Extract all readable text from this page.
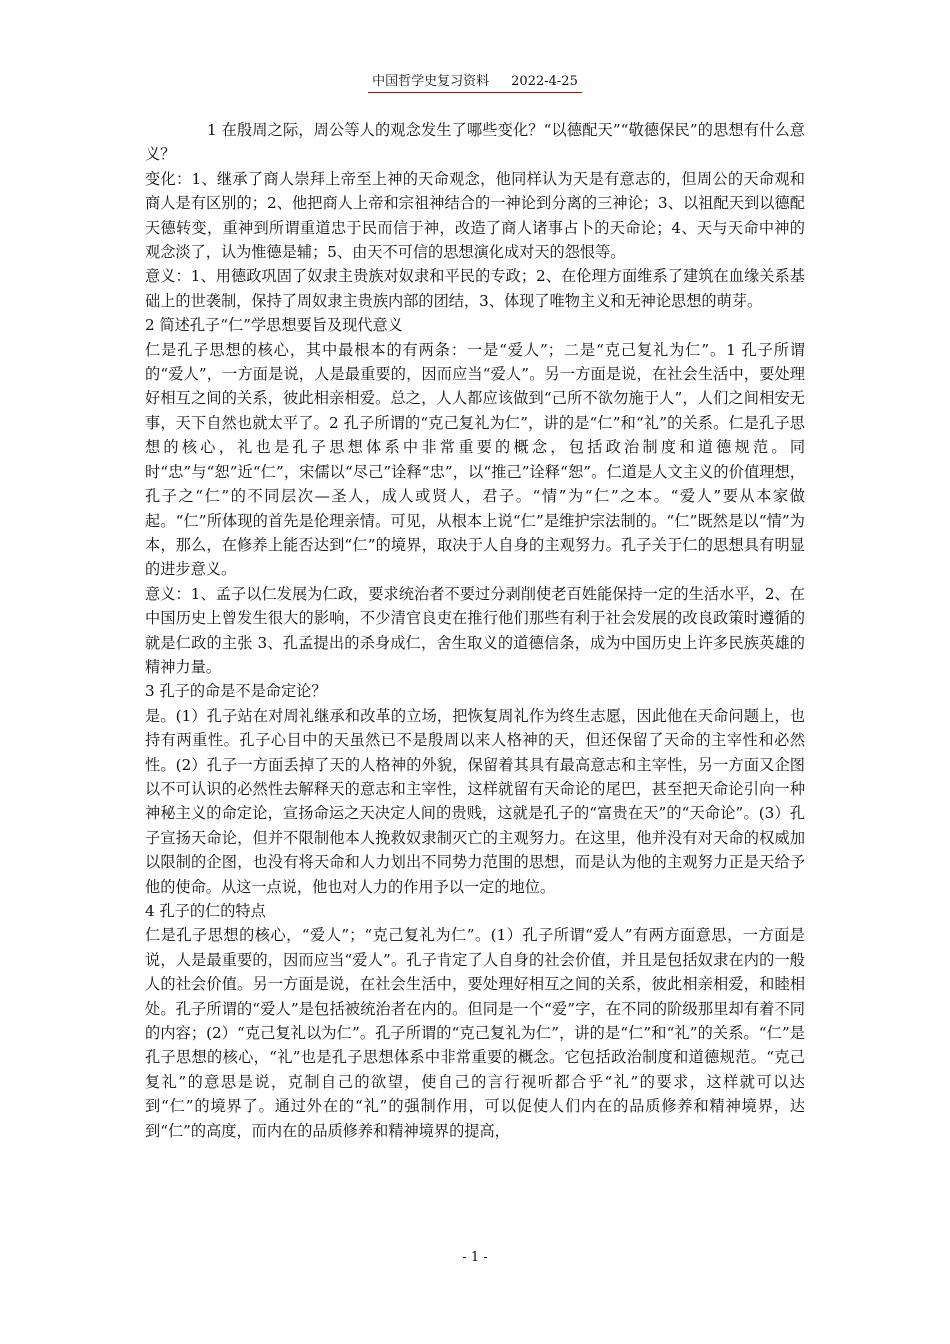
中国哲学史复习资料 2022-4-25

1 在殷周之际，周公等人的观念发生了哪些变化？“以德配天”“敬德保民”的思想有什么意义？

变化：1、继承了商人崇拜上帝至上神的天命观念，他同样认为天是有意志的，但周公的天命观和商人是有区别的；2、他把商人上帝和宗祖神结合的一神论到分离的三神论；3、以祖配天到以德配天德转变，重神到所谓重道忠于民而信于神，改造了商人诸事占卜的天命论；4、天与天命中神的观念淡了，认为惟德是辅；5、由天不可信的思想演化成对天的怨恨等。

意义：1、用德政巩固了奴隶主贵族对奴隶和平民的专政；2、在伦理方面维系了建筑在血缘关系基础上的世袭制，保持了周奴隶主贵族内部的团结，3、体现了唯物主义和无神论思想的萌芽。

2 简述孔子“仁”学思想要旨及现代意义

仁是孔子思想的核心，其中最根本的有两条：一是“爱人”；二是“克己复礼为仁”。1 孔子所谓的“爱人”，一方面是说，人是最重要的，因而应当“爱人”。另一方面是说，在社会生活中，要处理好相互之间的关系，彼此相亲相爱。总之，人人都应该做到“己所不欲勿施于人”，人们之间相安无事，天下自然也就太平了。2 孔子所谓的“克己复礼为仁”，讲的是“仁”和“礼”的关系。仁是孔子思想的核心，礼也是孔子思想体系中非常重要的概念，包括政治制度和道德规范。同时“忠”与“恕”近“仁”，宋儒以“尽己”诠释“忠”，以“推己”诠释“恕”。仁道是人文主义的价值理想，孔子之“仁”的不同层次—圣人，成人或贤人，君子。“情”为“仁”之本。“爱人”要从本家做起。“仁”所体现的首先是伦理亲情。可见，从根本上说“仁”是维护宗法制的。“仁”既然是以“情”为本，那么，在修养上能否达到“仁”的境界，取决于人自身的主观努力。孔子关于仁的思想具有明显的进步意义。

意义：1、孟子以仁发展为仁政，要求统治者不要过分剥削使老百姓能保持一定的生活水平，2、在中国历史上曾发生很大的影响，不少清官良吏在推行他们那些有利于社会发展的改良政策时遵循的就是仁政的主张 3、孔孟提出的杀身成仁，舍生取义的道德信条，成为中国历史上许多民族英雄的精神力量。

3 孔子的命是不是命定论？

是。(1）孔子站在对周礼继承和改革的立场，把恢复周礼作为终生志愿，因此他在天命问题上，也持有两重性。孔子心目中的天虽然已不是殷周以来人格神的天，但还保留了天命的主宰性和必然性。(2）孔子一方面丢掉了天的人格神的外貌，保留着其具有最高意志和主宰性，另一方面又企图以不可认识的必然性去解释天的意志和主宰性，这样就留有天命论的尾巴，甚至把天命论引向一种神秘主义的命定论，宣扬命运之天决定人间的贵贱，这就是孔子的“富贵在天”的“天命论”。(3）孔子宣扬天命论，但并不限制他本人挽救奴隶制灭亡的主观努力。在这里，他并没有对天命的权威加以限制的企图，也没有将天命和人力划出不同势力范围的思想，而是认为他的主观努力正是天给予他的使命。从这一点说，他也对人力的作用予以一定的地位。

4 孔子的仁的特点

仁是孔子思想的核心，“爱人”；“克己复礼为仁”。(1）孔子所谓“爱人”有两方面意思，一方面是说，人是最重要的，因而应当“爱人”。孔子肯定了人自身的社会价值，并且是包括奴隶在内的一般人的社会价值。另一方面是说，在社会生活中，要处理好相互之间的关系，彼此相亲相爱，和睦相处。孔子所谓的“爱人”是包括被统治者在内的。但同是一个“爱”字，在不同的阶级那里却有着不同的内容；(2）“克己复礼以为仁”。孔子所谓的“克己复礼为仁”，讲的是“仁”和“礼”的关系。“仁”是孔子思想的核心，“礼”也是孔子思想体系中非常重要的概念。它包括政治制度和道德规范。“克己复礼”的意思是说，克制自己的欲望，使自己的言行视听都合乎“礼”的要求，这样就可以达到“仁”的境界了。通过外在的“礼”的强制作用，可以促使人们内在的品质修养和精神境界，达到“仁”的高度，而内在的品质修养和精神境界的提高，

- 1 -
